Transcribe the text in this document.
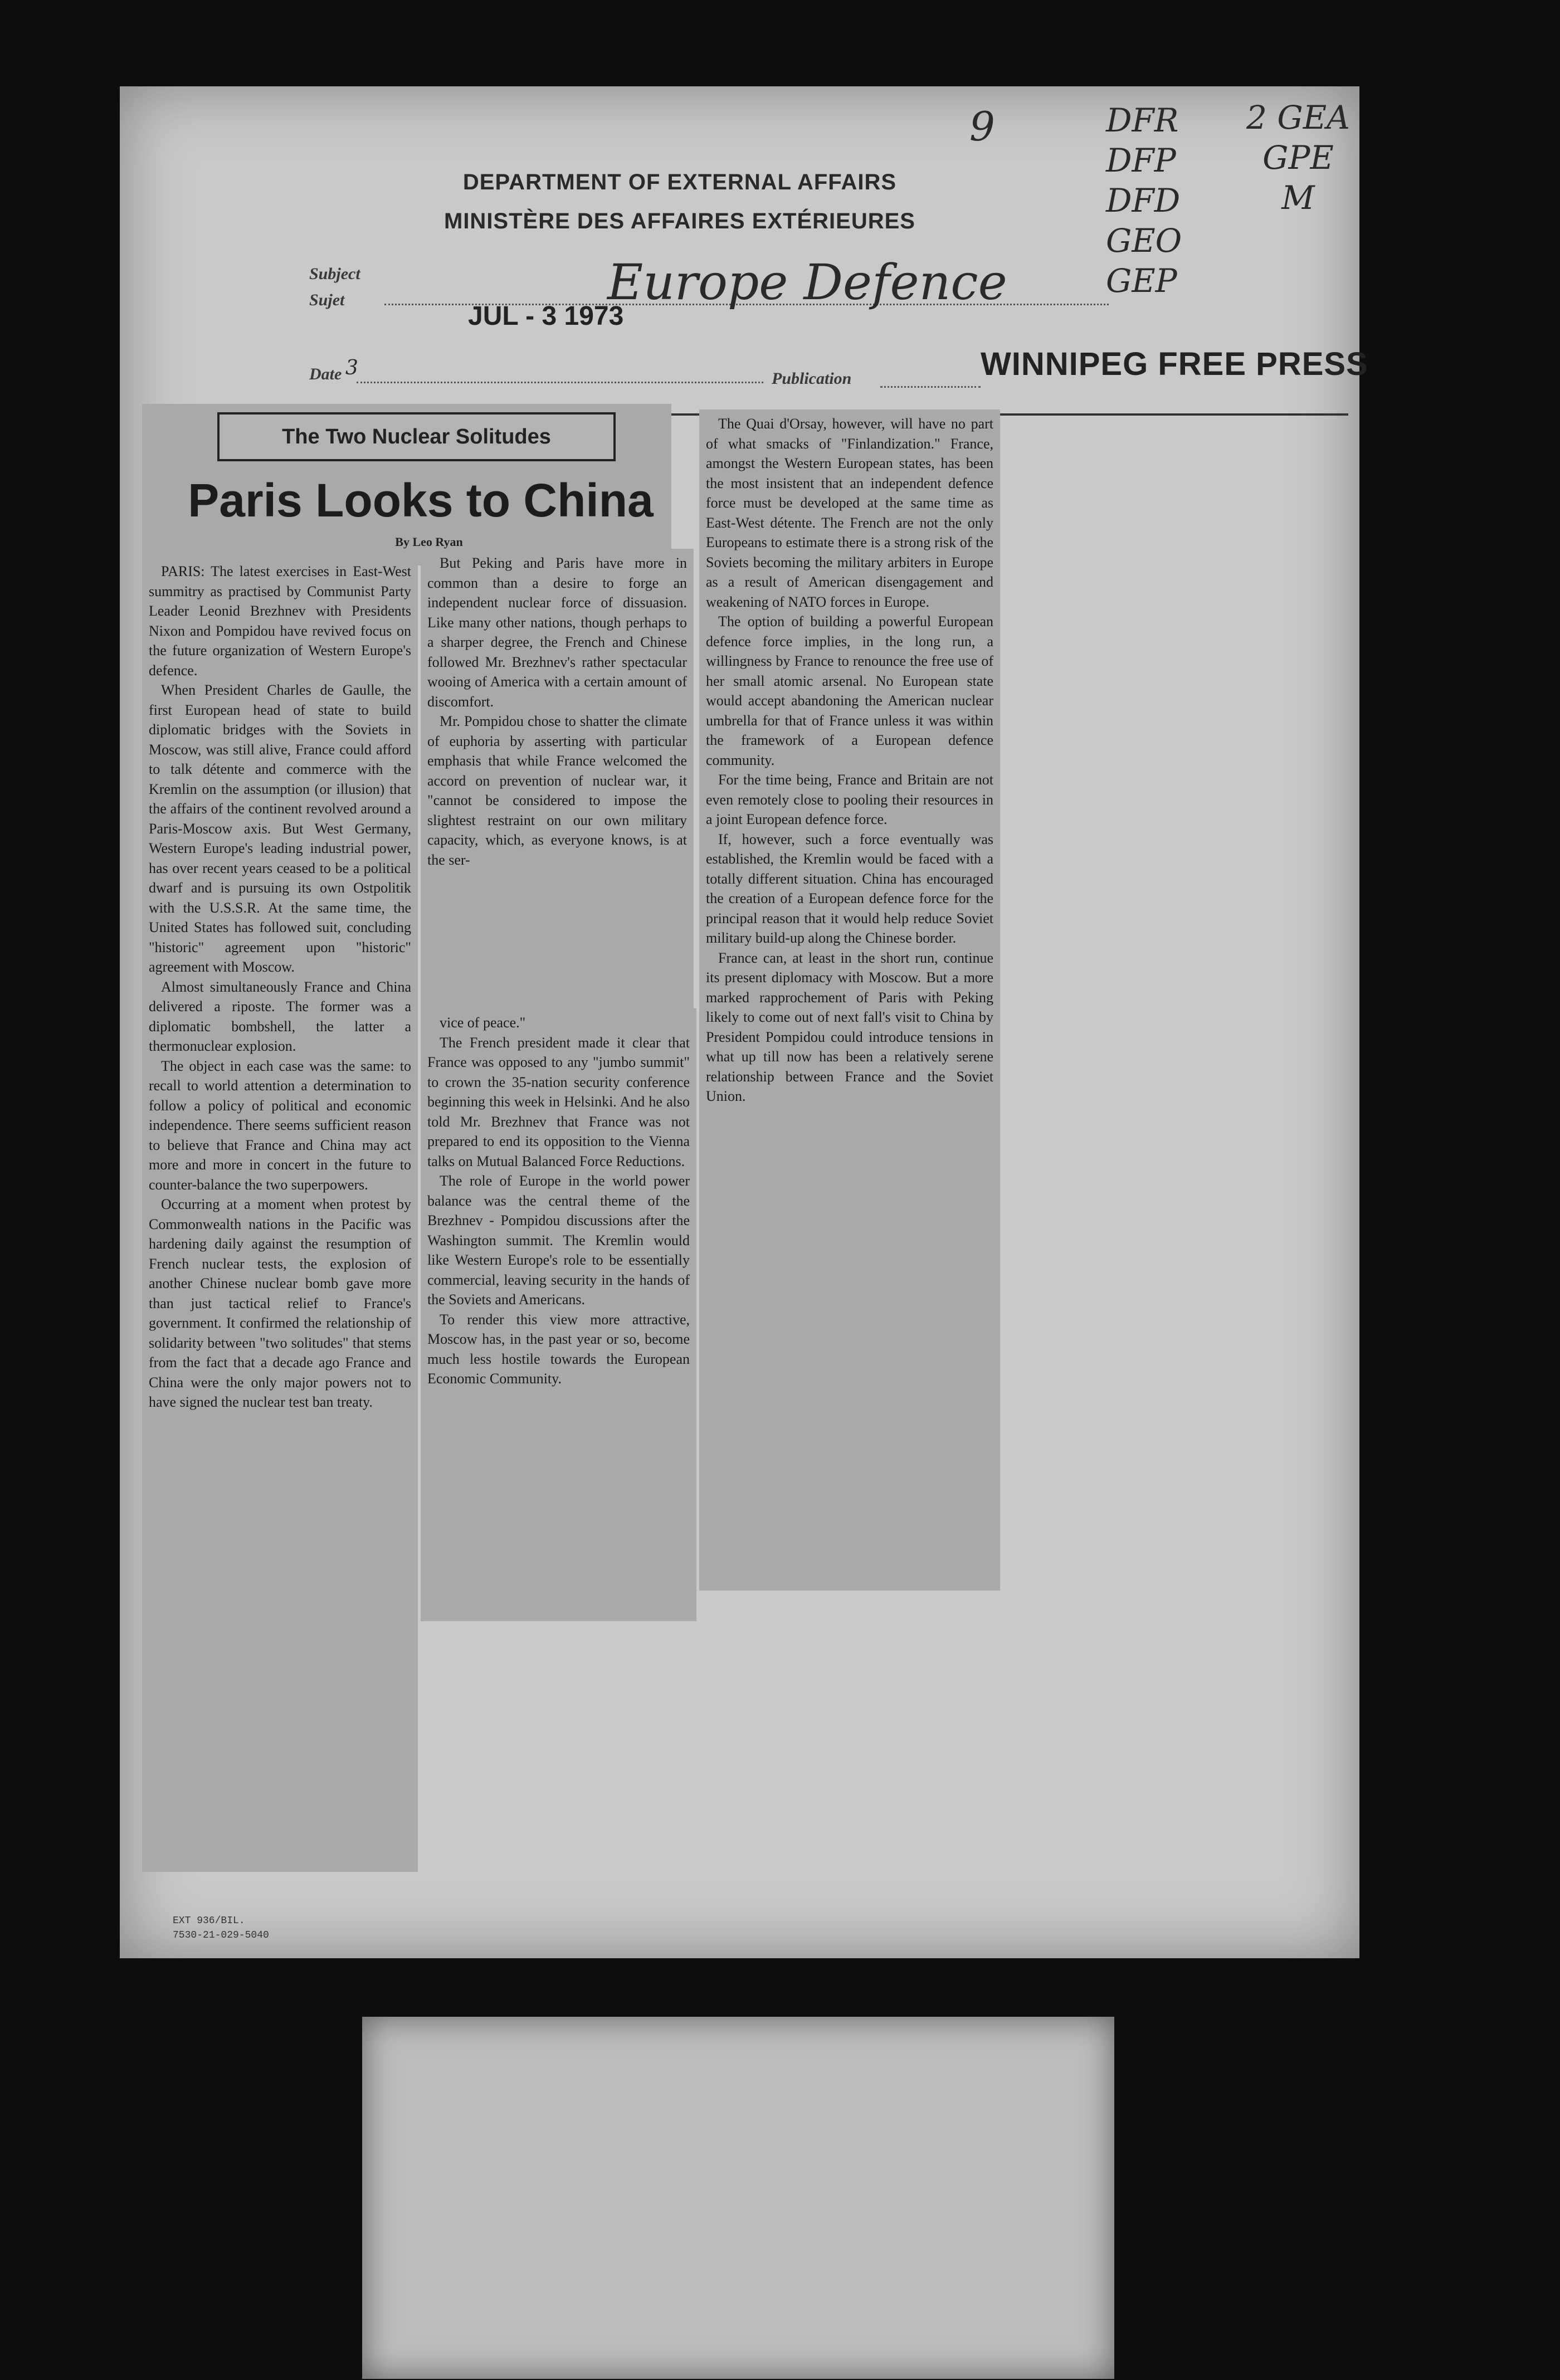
DEPARTMENT OF EXTERNAL AFFAIRS
MINISTÈRE DES AFFAIRES EXTÉRIEURES
9	DFR
DFP
DFD
GEO
GEP
2 GEA
GPE
M
Subject
Sujet	Europe Defence
JUL - 3 1973
Date 3	Publication	WINNIPEG FREE PRESS
The Two Nuclear Solitudes
Paris Looks to China
By Leo Ryan

PARIS: The latest exercises in East-West summitry as practised by Communist Party Leader Leonid Brezhnev with Presidents Nixon and Pompidou have revived focus on the future organization of Western Europe's defence.

When President Charles de Gaulle, the first European head of state to build diplomatic bridges with the Soviets in Moscow, was still alive, France could afford to talk détente and commerce with the Kremlin on the assumption (or illusion) that the affairs of the continent revolved around a Paris-Moscow axis. But West Germany, Western Europe's leading industrial power, has over recent years ceased to be a political dwarf and is pursuing its own Ostpolitik with the U.S.S.R. At the same time, the United States has followed suit, concluding "historic" agreement upon "historic" agreement with Moscow.

Almost simultaneously France and China delivered a riposte. The former was a diplomatic bombshell, the latter a thermonuclear explosion.

The object in each case was the same: to recall to world attention a determination to follow a policy of political and economic independence. There seems sufficient reason to believe that France and China may act more and more in concert in the future to counter-balance the two superpowers.

Occurring at a moment when protest by Commonwealth nations in the Pacific was hardening daily against the resumption of French nuclear tests, the explosion of another Chinese nuclear bomb gave more than just tactical relief to France's government. It confirmed the relationship of solidarity between "two solitudes" that stems from the fact that a decade ago France and China were the only major powers not to have signed the nuclear test ban treaty.

But Peking and Paris have more in common than a desire to forge an independent nuclear force of dissuasion. Like many other nations, though perhaps to a sharper degree, the French and Chinese followed Mr. Brezhnev's rather spectacular wooing of America with a certain amount of discomfort.

Mr. Pompidou chose to shatter the climate of euphoria by asserting with particular emphasis that while France welcomed the accord on prevention of nuclear war, it "cannot be considered to impose the slightest restraint on our own military capacity, which, as everyone knows, is at the ser-

vice of peace."

The French president made it clear that France was opposed to any "jumbo summit" to crown the 35-nation security conference beginning this week in Helsinki. And he also told Mr. Brezhnev that France was not prepared to end its opposition to the Vienna talks on Mutual Balanced Force Reductions.

The role of Europe in the world power balance was the central theme of the Brezhnev - Pompidou discussions after the Washington summit. The Kremlin would like Western Europe's role to be essentially commercial, leaving security in the hands of the Soviets and Americans.

To render this view more attractive, Moscow has, in the past year or so, become much less hostile towards the European Economic Community.

The Quai d'Orsay, however, will have no part of what smacks of "Finlandization." France, amongst the Western European states, has been the most insistent that an independent defence force must be developed at the same time as East-West détente. The French are not the only Europeans to estimate there is a strong risk of the Soviets becoming the military arbiters in Europe as a result of American disengagement and weakening of NATO forces in Europe.

The option of building a powerful European defence force implies, in the long run, a willingness by France to renounce the free use of her small atomic arsenal. No European state would accept abandoning the American nuclear umbrella for that of France unless it was within the framework of a European defence community.

For the time being, France and Britain are not even remotely close to pooling their resources in a joint European defence force.

If, however, such a force eventually was established, the Kremlin would be faced with a totally different situation. China has encouraged the creation of a European defence force for the principal reason that it would help reduce Soviet military build-up along the Chinese border.

France can, at least in the short run, continue its present diplomacy with Moscow. But a more marked rapprochement of Paris with Peking likely to come out of next fall's visit to China by President Pompidou could introduce tensions in what up till now has been a relatively serene relationship between France and the Soviet Union.

EXT 936/BIL.
7530-21-029-5040
